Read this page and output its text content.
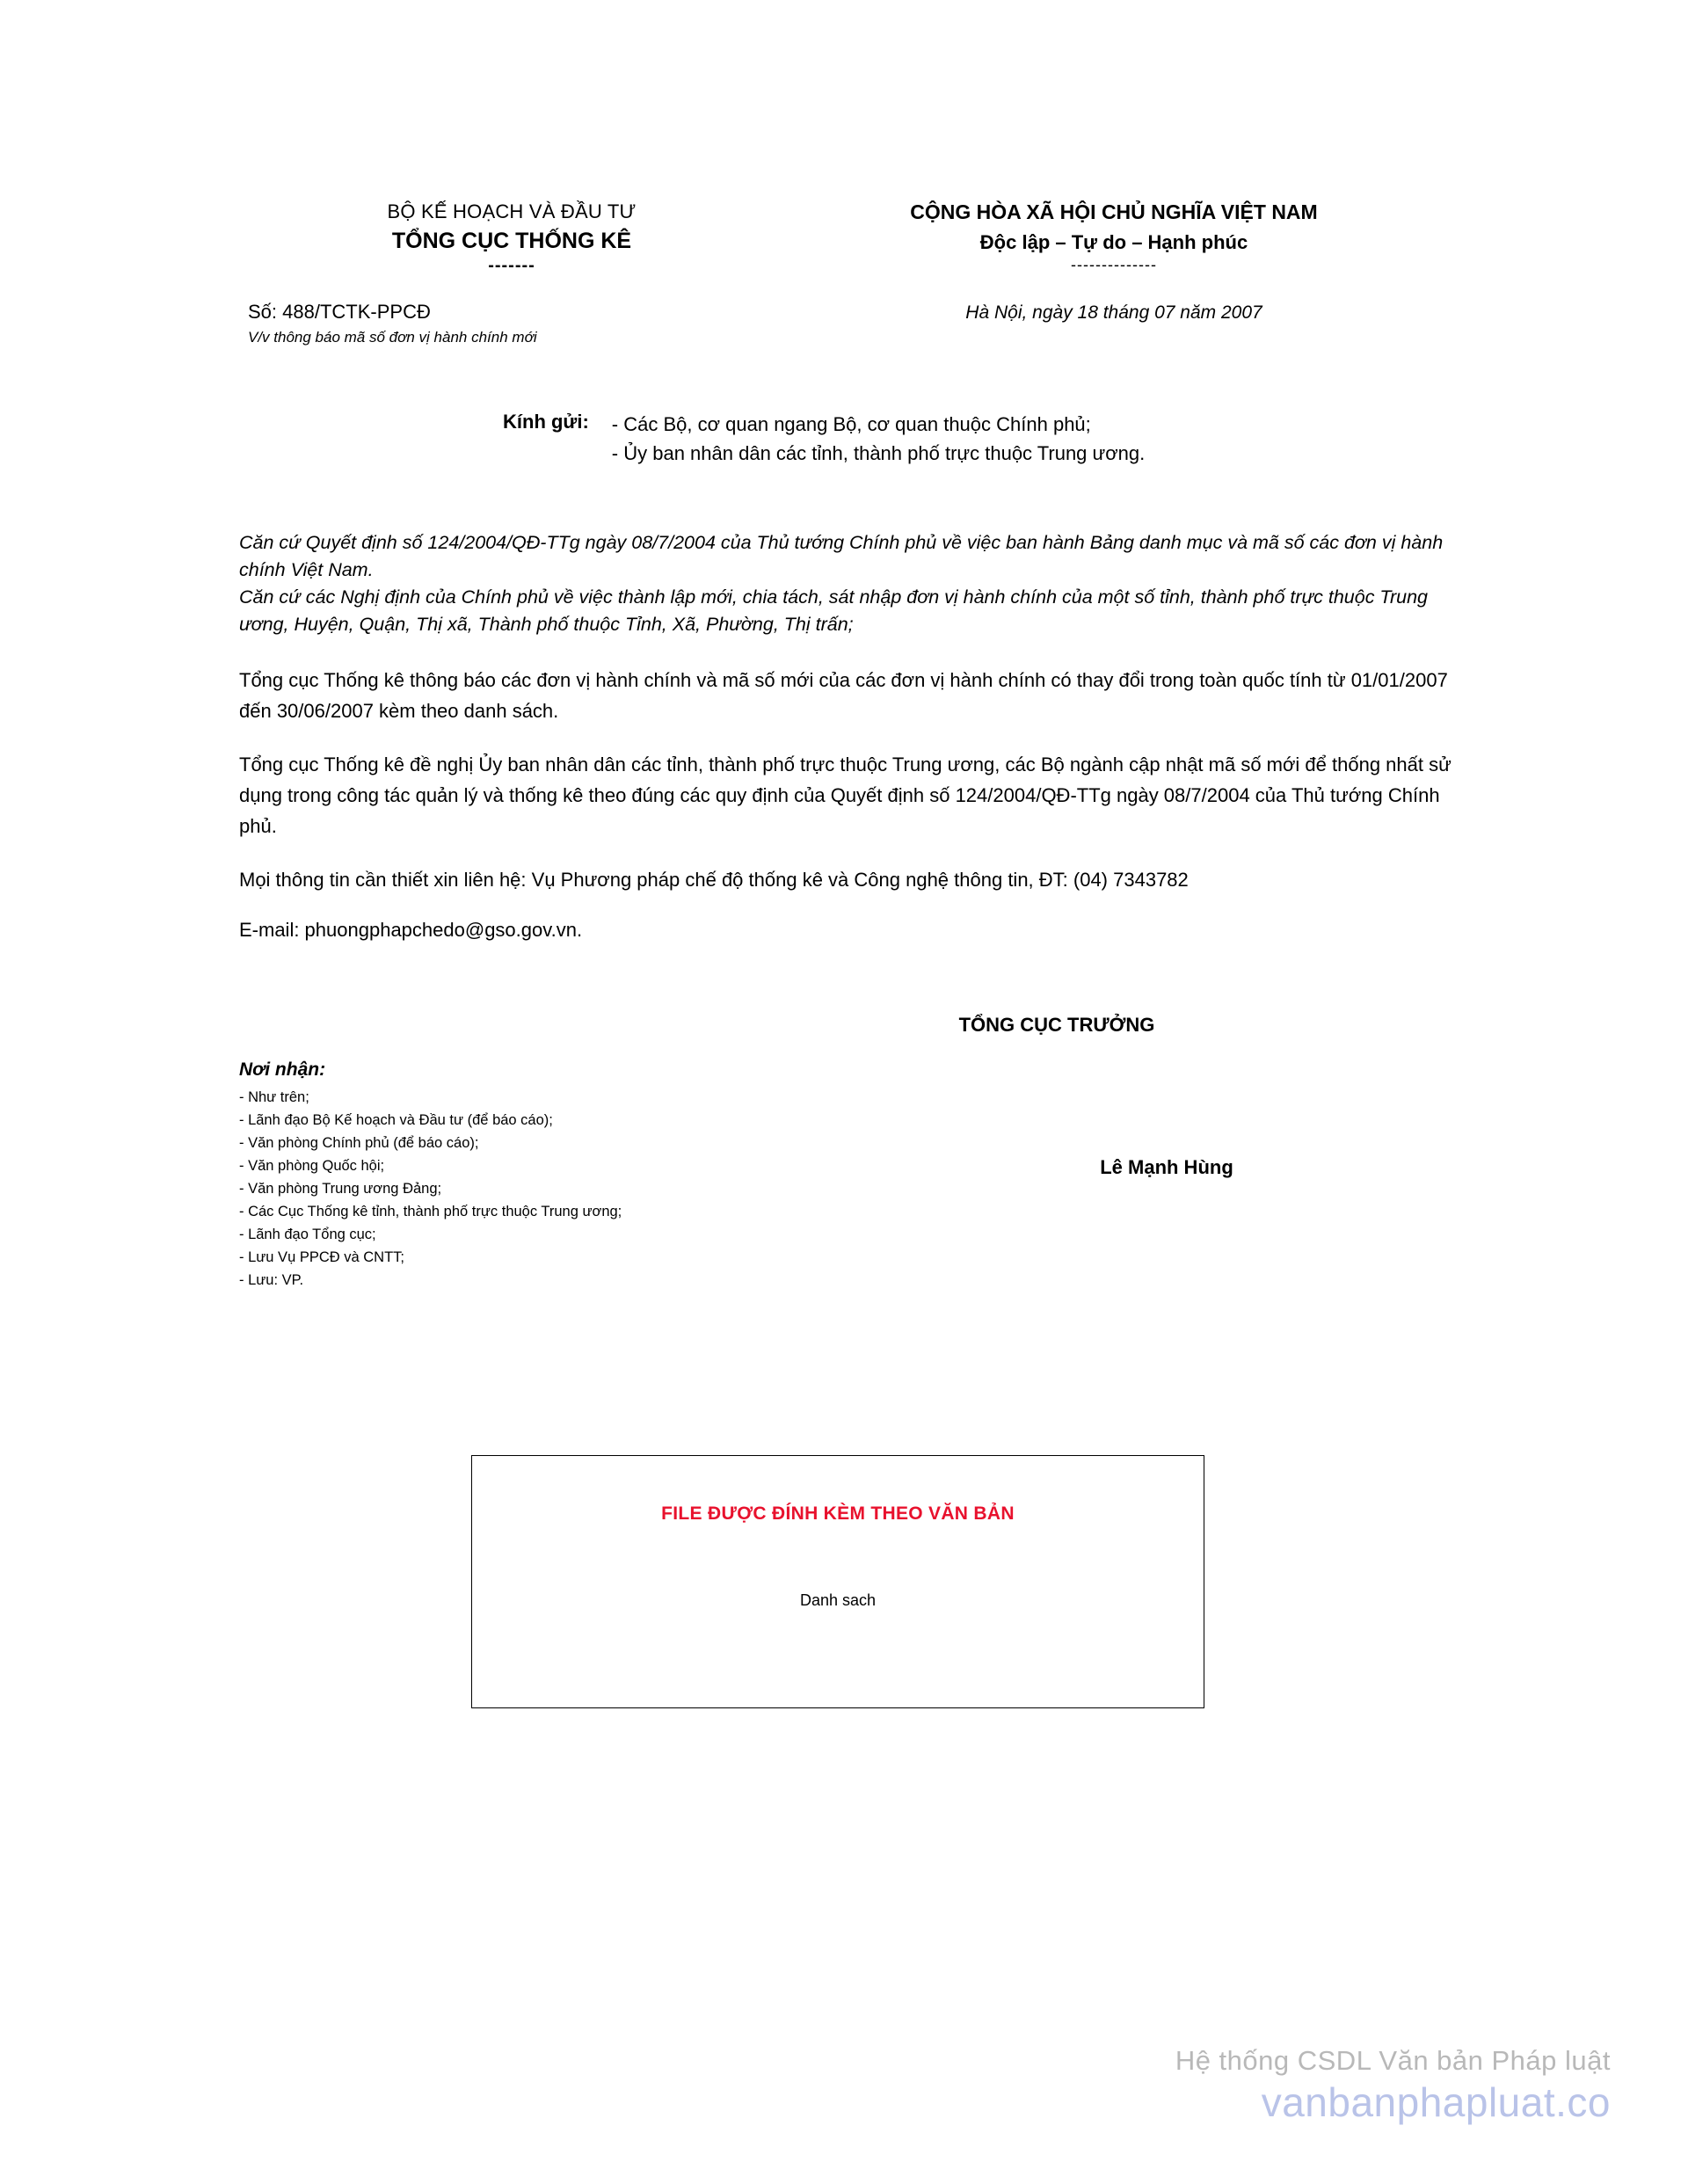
BỘ KẾ HOẠCH VÀ ĐẦU TƯ
TỔNG CỤC THỐNG KÊ
-------
CỘNG HÒA XÃ HỘI CHỦ NGHĨA VIỆT NAM
Độc lập – Tự do – Hạnh phúc
--------------
Số: 488/TCTK-PPCĐ
V/v thông báo mã số đơn vị hành chính mới
Hà Nội, ngày 18 tháng 07 năm 2007
Kính gửi: - Các Bộ, cơ quan ngang Bộ, cơ quan thuộc Chính phủ;
- Ủy ban nhân dân các tỉnh, thành phố trực thuộc Trung ương.

Căn cứ Quyết định số 124/2004/QĐ-TTg ngày 08/7/2004 của Thủ tướng Chính phủ về việc ban hành Bảng danh mục và mã số các đơn vị hành chính Việt Nam.

Căn cứ các Nghị định của Chính phủ về việc thành lập mới, chia tách, sát nhập đơn vị hành chính của một số tỉnh, thành phố trực thuộc Trung ương, Huyện, Quận, Thị xã, Thành phố thuộc Tỉnh, Xã, Phường, Thị trấn;

Tổng cục Thống kê thông báo các đơn vị hành chính và mã số mới của các đơn vị hành chính có thay đổi trong toàn quốc tính từ 01/01/2007 đến 30/06/2007 kèm theo danh sách.

Tổng cục Thống kê đề nghị Ủy ban nhân dân các tỉnh, thành phố trực thuộc Trung ương, các Bộ ngành cập nhật mã số mới để thống nhất sử dụng trong công tác quản lý và thống kê theo đúng các quy định của Quyết định số 124/2004/QĐ-TTg ngày 08/7/2004 của Thủ tướng Chính phủ.

Mọi thông tin cần thiết xin liên hệ: Vụ Phương pháp chế độ thống kê và Công nghệ thông tin, ĐT: (04) 7343782

E-mail: phuongphapchedo@gso.gov.vn.

TỔNG CỤC TRƯỞNG
Nơi nhận:
- Như trên;
- Lãnh đạo Bộ Kế hoạch và Đầu tư (để báo cáo);
- Văn phòng Chính phủ (để báo cáo);
- Văn phòng Quốc hội;
- Văn phòng Trung ương Đảng;
- Các Cục Thống kê tỉnh, thành phố trực thuộc Trung ương;
- Lãnh đạo Tổng cục;
- Lưu Vụ PPCĐ và CNTT;
- Lưu: VP.
Lê Mạnh Hùng
FILE ĐƯỢC ĐÍNH KÈM THEO VĂN BẢN
Danh sach
Hệ thống CSDL Văn bản Pháp luật
vanbanphapluat.co
